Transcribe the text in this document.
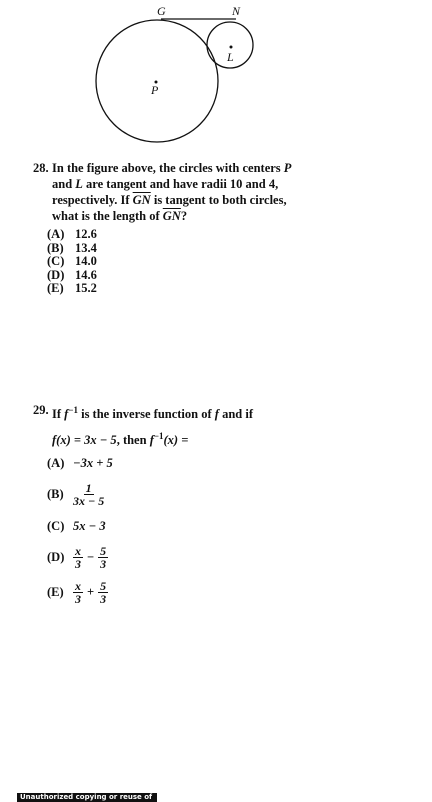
G	N
L
P
28. In the figure above, the circles with centers P
and L are tangent and have radii 10 and 4,
respectively. If $\overline{GN}$ is tangent to both circles,
what is the length of $\overline{GN}$?
(A) 12.6
(B) 13.4
(C) 14.0
(D) 14.6
(E) 15.2
29. If $f^{-1}$ is the inverse function of f and if
f(x) = 3x − 5, then $f^{-1}(x)$ =
(A) −3x + 5
$(B) \frac{1}{3x - 5}$
(C) 5x − 3
$(D) \frac{x}{3} - \frac{5}{3}$
$(E) \frac{x}{3} + \frac{5}{3}$
Unauthorized copying or reuse of
